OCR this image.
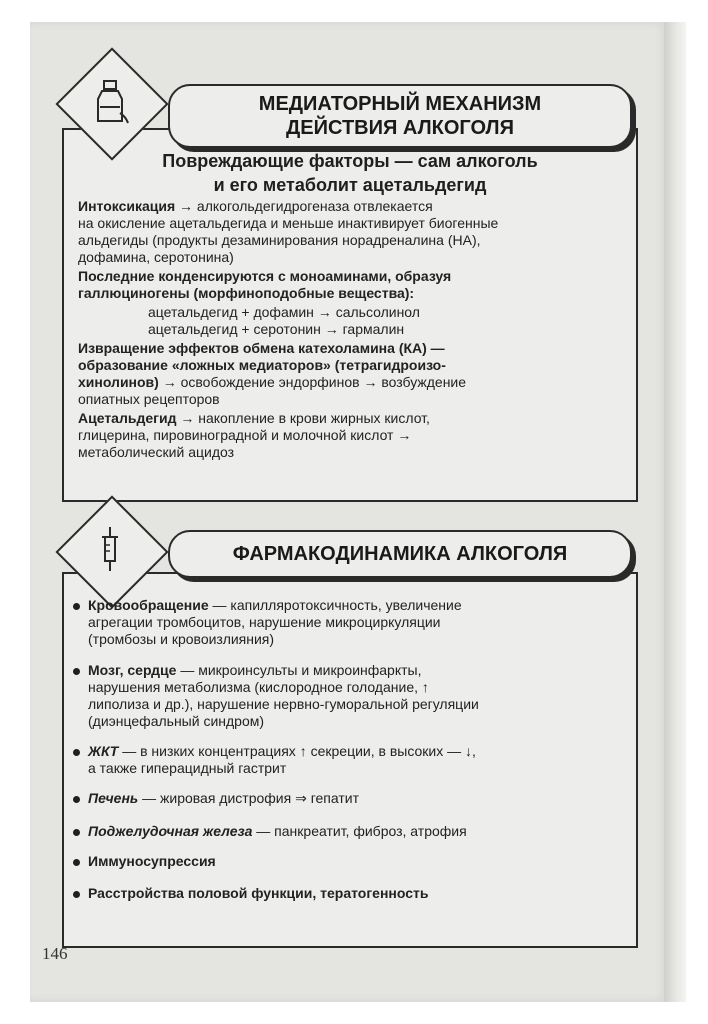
МЕДИАТОРНЫЙ МЕХАНИЗМ
ДЕЙСТВИЯ АЛКОГОЛЯ
Повреждающие факторы — сам алкоголь
и его метаболит ацетальдегид
Интоксикация → алкогольдегидрогеназа отвлекается
на окисление ацетальдегида и меньше инактивирует биогенные
альдегиды (продукты дезаминирования норадреналина (НА),
дофамина, серотонина)
Последние конденсируются с моноаминами, образуя
галлюциногены (морфиноподобные вещества):
ацетальдегид + дофамин → сальсолинол
ацетальдегид + серотонин → гармалин
Извращение эффектов обмена катехоламина (КА) —
образование «ложных медиаторов» (тетрагидроизо-
хинолинов) → освобождение эндорфинов → возбуждение
опиатных рецепторов
Ацетальдегид → накопление в крови жирных кислот,
глицерина, пировиноградной и молочной кислот →
метаболический ацидоз
ФАРМАКОДИНАМИКА АЛКОГОЛЯ
Кровообращение — капилляротоксичность, увеличение
агрегации тромбоцитов, нарушение микроциркуляции
(тромбозы и кровоизлияния)
Мозг, сердце — микроинсульты и микроинфаркты,
нарушения метаболизма (кислородное голодание, ↑
липолиза и др.), нарушение нервно-гуморальной регуляции
(диэнцефальный синдром)
ЖКТ — в низких концентрациях ↑ секреции, в высоких — ↓,
а также гиперацидный гастрит
Печень — жировая дистрофия ⇒ гепатит
Поджелудочная железа — панкреатит, фиброз, атрофия
Иммуносупрессия
Расстройства половой функции, тератогенность
146
